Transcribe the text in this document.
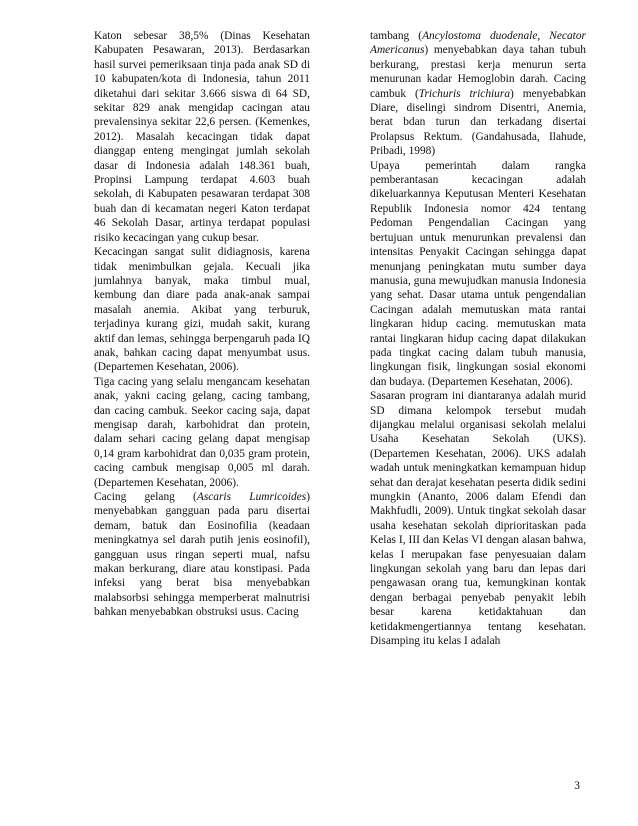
Katon sebesar 38,5% (Dinas Kesehatan Kabupaten Pesawaran, 2013). Berdasarkan hasil survei pemeriksaan tinja pada anak SD di 10 kabupaten/kota di Indonesia, tahun 2011 diketahui dari sekitar 3.666 siswa di 64 SD, sekitar 829 anak mengidap cacingan atau prevalensinya sekitar 22,6 persen. (Kemenkes, 2012). Masalah kecacingan tidak dapat dianggap enteng mengingat jumlah sekolah dasar di Indonesia adalah 148.361 buah, Propinsi Lampung terdapat 4.603 buah sekolah, di Kabupaten pesawaran terdapat 308 buah dan di kecamatan negeri Katon terdapat 46 Sekolah Dasar, artinya terdapat populasi risiko kecacingan yang cukup besar.

Kecacingan sangat sulit didiagnosis, karena tidak menimbulkan gejala. Kecuali jika jumlahnya banyak, maka timbul mual, kembung dan diare pada anak-anak sampai masalah anemia. Akibat yang terburuk, terjadinya kurang gizi, mudah sakit, kurang aktif dan lemas, sehingga berpengaruh pada IQ anak, bahkan cacing dapat menyumbat usus.(Departemen Kesehatan, 2006).

Tiga cacing yang selalu mengancam kesehatan anak, yakni cacing gelang, cacing tambang, dan cacing cambuk. Seekor cacing saja, dapat mengisap darah, karbohidrat dan protein, dalam sehari cacing gelang dapat mengisap 0,14 gram karbohidrat dan 0,035 gram protein, cacing cambuk mengisap 0,005 ml darah. (Departemen Kesehatan, 2006).

Cacing gelang (Ascaris Lumricoides) menyebabkan gangguan pada paru disertai demam, batuk dan Eosinofilia (keadaan meningkatnya sel darah putih jenis eosinofil), gangguan usus ringan seperti mual, nafsu makan berkurang, diare atau konstipasi. Pada infeksi yang berat bisa menyebabkan malabsorbsi sehingga memperberat malnutrisi bahkan menyebabkan obstruksi usus. Cacing

tambang (Ancylostoma duodenale, Necator Americanus) menyebabkan daya tahan tubuh berkurang, prestasi kerja menurun serta menurunan kadar Hemoglobin darah. Cacing cambuk (Trichuris trichiura) menyebabkan Diare, diselingi sindrom Disentri, Anemia, berat bdan turun dan terkadang disertai Prolapsus Rektum. (Gandahusada, Ilahude, Pribadi, 1998)

Upaya pemerintah dalam rangka pemberantasan kecacingan adalah dikeluarkannya Keputusan Menteri Kesehatan Republik Indonesia nomor 424 tentang Pedoman Pengendalian Cacingan yang bertujuan untuk menurunkan prevalensi dan intensitas Penyakit Cacingan sehingga dapat menunjang peningkatan mutu sumber daya manusia, guna mewujudkan manusia Indonesia yang sehat. Dasar utama untuk pengendalian Cacingan adalah memutuskan mata rantai lingkaran hidup cacing. memutuskan mata rantai lingkaran hidup cacing dapat dilakukan pada tingkat cacing dalam tubuh manusia, lingkungan fisik, lingkungan sosial ekonomi dan budaya. (Departemen Kesehatan, 2006).

Sasaran program ini diantaranya adalah murid SD dimana kelompok tersebut mudah dijangkau melalui organisasi sekolah melalui Usaha Kesehatan Sekolah (UKS). (Departemen Kesehatan, 2006). UKS adalah wadah untuk meningkatkan kemampuan hidup sehat dan derajat kesehatan peserta didik sedini mungkin (Ananto, 2006 dalam Efendi dan Makhfudli, 2009). Untuk tingkat sekolah dasar usaha kesehatan sekolah diprioritaskan pada Kelas I, III dan Kelas VI dengan alasan bahwa, kelas I merupakan fase penyesuaian dalam lingkungan sekolah yang baru dan lepas dari pengawasan orang tua, kemungkinan kontak dengan berbagai penyebab penyakit lebih besar karena ketidaktahuan dan ketidakmengertiannya tentang kesehatan. Disamping itu kelas I adalah

3
